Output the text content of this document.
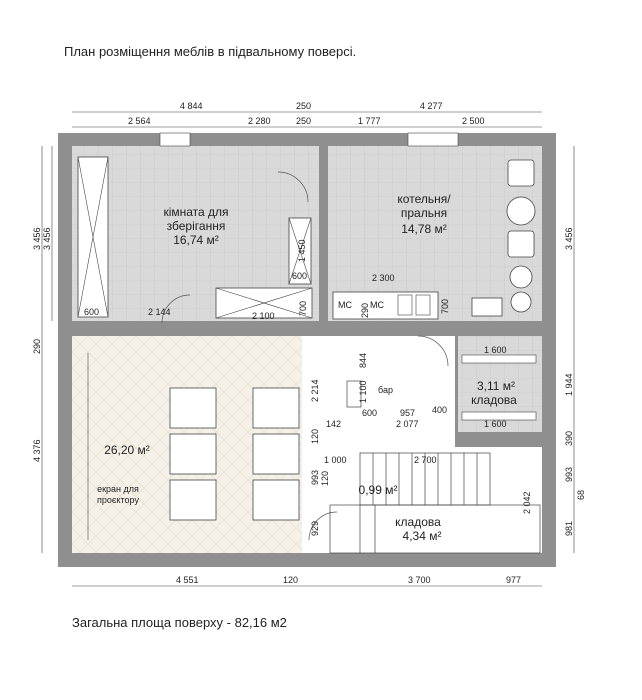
План розміщення меблів в підвальному поверсі.
4 844	250	4 277
2 564	2 280	250	1 777	2 500
4 551	120	3 700	977
3 456 3 456
290
4 376
3 456
1 944
390
993
68
981
600	2 144	2 100	700
1 450
600	2 300
290	700
1 600
1 600
844
2 214	1 100
600	957 400
2 077
142
120
1 000	2 700
993 120
2 042
929
кімната для
зберігання
16,74 м²
котельня/
пральня
14,78 м²
26,20 м²
екран для
проєктору
3,11 м²
кладова
0,99 м²
кладова
4,34 м²
бар
МС МС
Загальна площа поверху - 82,16 м2
